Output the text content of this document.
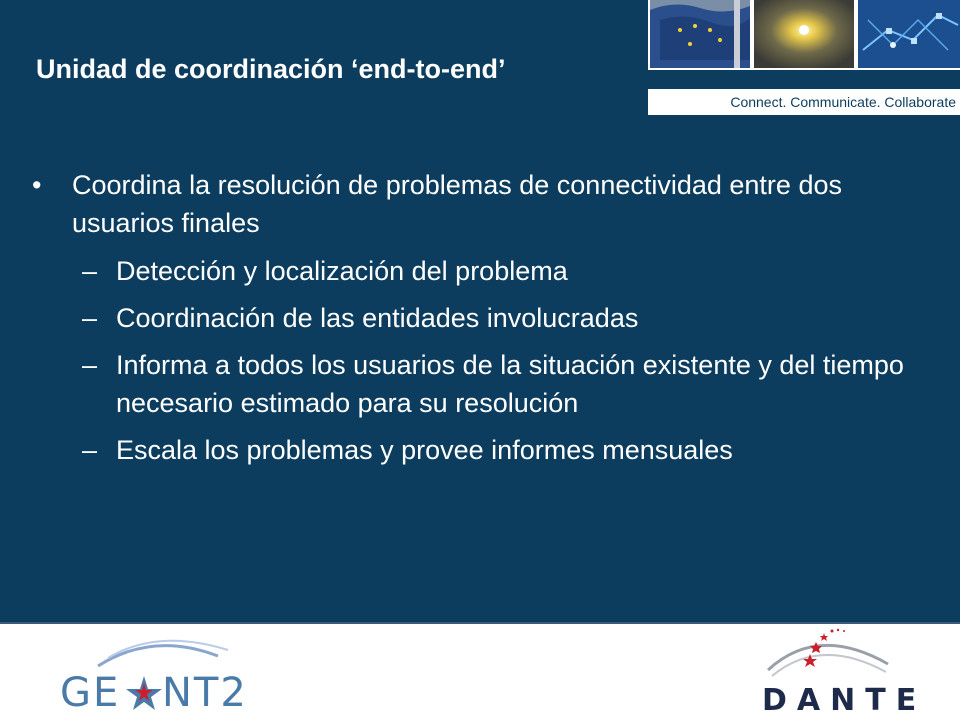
Connect. Communicate. Collaborate
Unidad de coordinación ‘end-to-end’
• Coordina la resolución de problemas de connectividad entre dos usuarios finales
– Detección y localización del problema
– Coordinación de las entidades involucradas
– Informa a todos los usuarios de la situación existente y del tiempo necesario estimado para su resolución
– Escala los problemas y provee informes mensuales
GE NT2	DANTE
